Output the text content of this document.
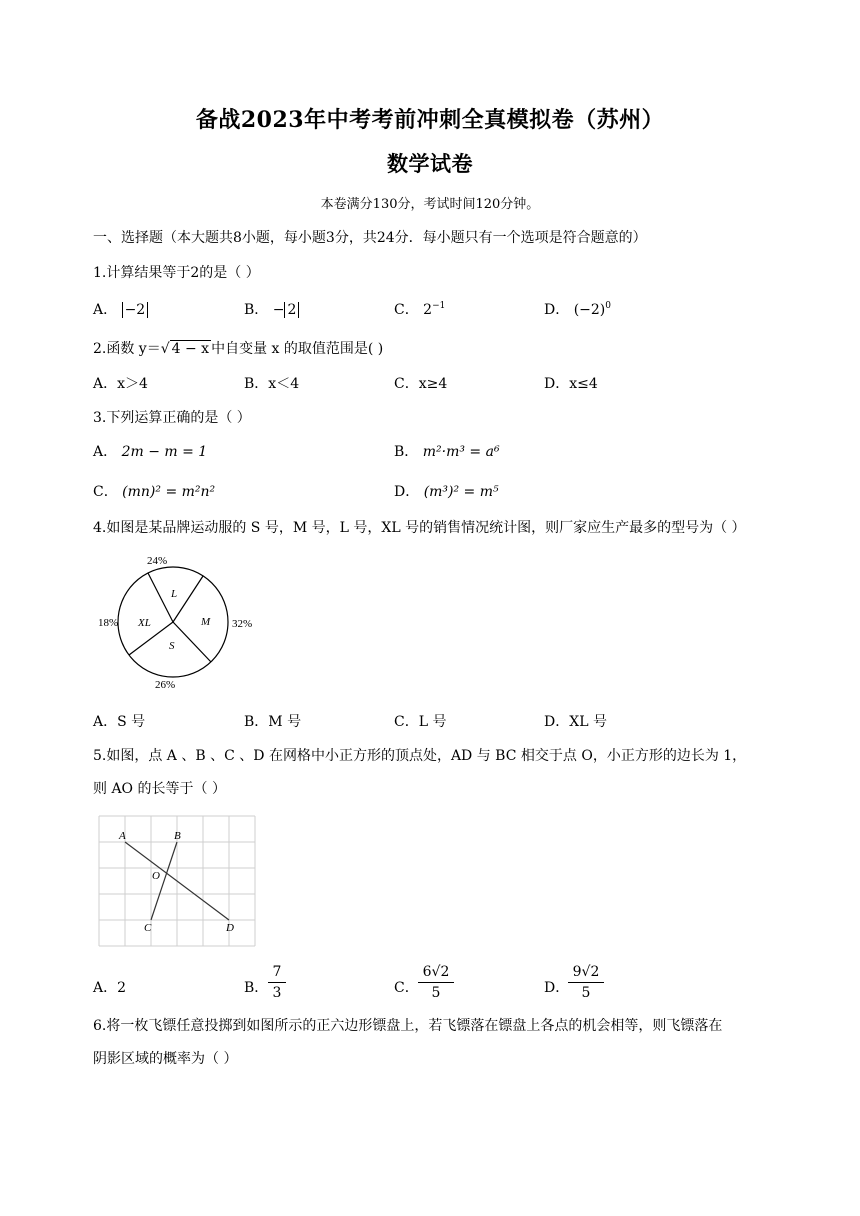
备战2023年中考考前冲刺全真模拟卷（苏州）
数学试卷
本卷满分130分，考试时间120分钟。
一、选择题（本大题共8小题，每小题3分，共24分．每小题只有一个选项是符合题意的）
1.计算结果等于2的是（ ）
A． −2	B． − 2	C． $2^{-1}$	D． $(-2)^0$
2.函数 y＝√ 4 − x 中自变量 x 的取值范围是( )
A．x＞4	B．x＜4	C．x≥4	D．x≤4
3.下列运算正确的是（ ）
A． 2m − m = 1	B． m²·m³ = a⁶
C． (mn)² = m²n²	D． (m³)² = m⁵
4.如图是某品牌运动服的 S 号，M 号，L 号，XL 号的销售情况统计图，则厂家应生产最多的型号为（ ）
L
M
XL
S
24%
32%
18%
26%
A．S 号	B．M 号	C．L 号	D．XL 号
5.如图，点 A 、B 、C 、D 在网格中小正方形的顶点处，AD 与 BC 相交于点 O，小正方形的边长为 1，
则 AO 的长等于（ ）
A	B
C	D
O
A．2	B．
7
3	C．
6√2
5	D．
9√2
5
6.将一枚飞镖任意投掷到如图所示的正六边形镖盘上，若飞镖落在镖盘上各点的机会相等，则飞镖落在
阴影区域的概率为（ ）
